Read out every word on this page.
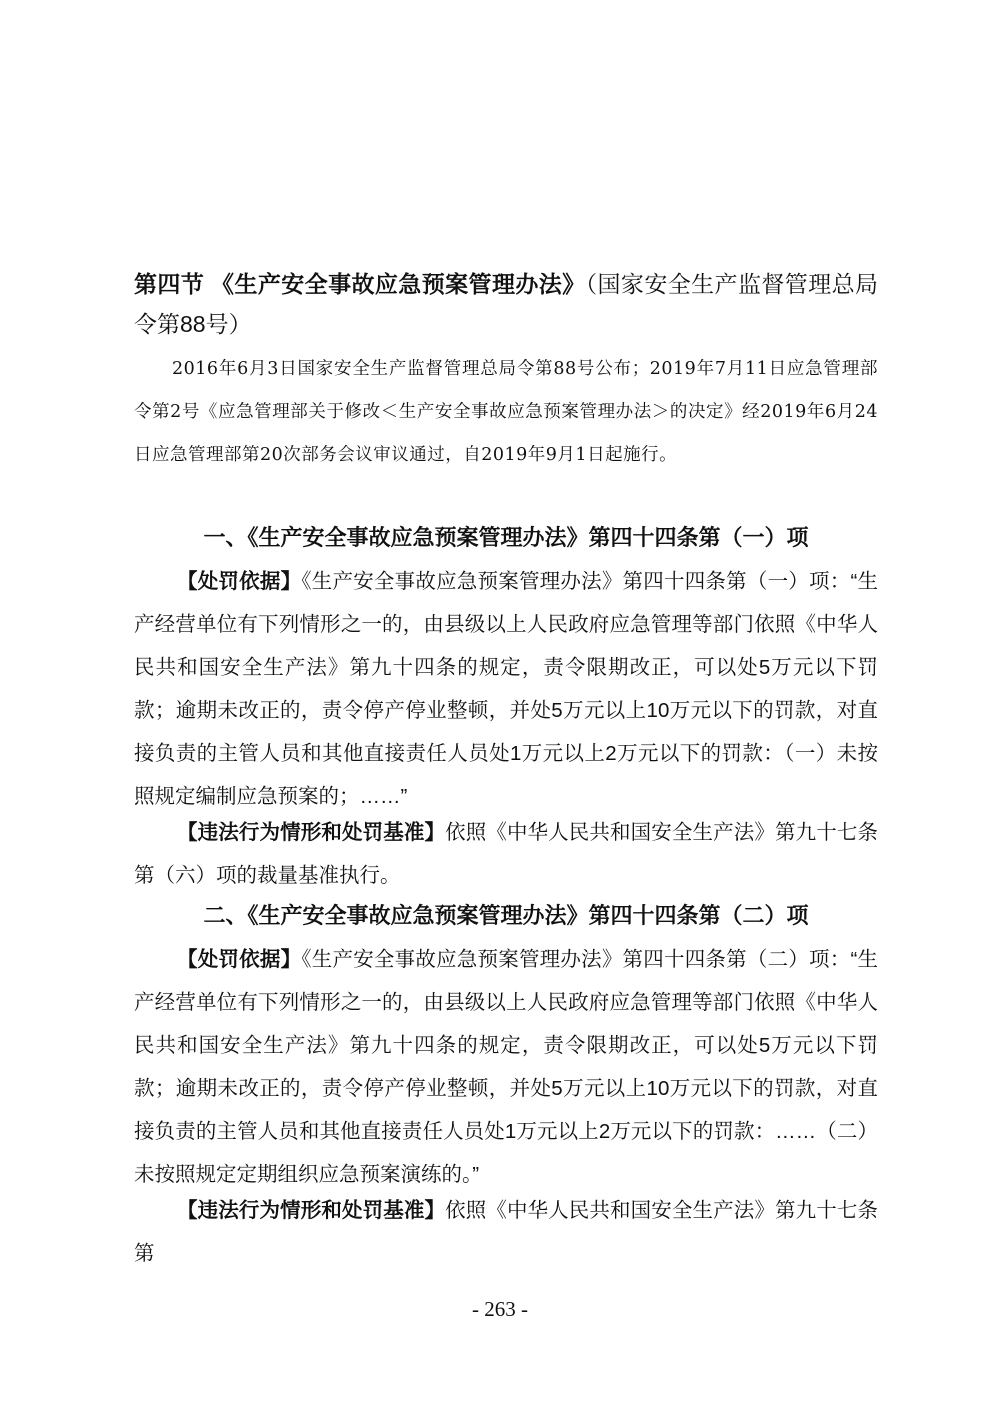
第四节 《生产安全事故应急预案管理办法》（国家安全生产监督管理总局令第88号）
2016年6月3日国家安全生产监督管理总局令第88号公布；2019年7月11日应急管理部令第2号《应急管理部关于修改＜生产安全事故应急预案管理办法＞的决定》经2019年6月24日应急管理部第20次部务会议审议通过，自2019年9月1日起施行。
一、《生产安全事故应急预案管理办法》第四十四条第（一）项
【处罚依据】《生产安全事故应急预案管理办法》第四十四条第（一）项：“生产经营单位有下列情形之一的，由县级以上人民政府应急管理等部门依照《中华人民共和国安全生产法》第九十四条的规定，责令限期改正，可以处5万元以下罚款；逾期未改正的，责令停产停业整顿，并处5万元以上10万元以下的罚款，对直接负责的主管人员和其他直接责任人员处1万元以上2万元以下的罚款：（一）未按照规定编制应急预案的；……”
【违法行为情形和处罚基准】依照《中华人民共和国安全生产法》第九十七条第（六）项的裁量基准执行。
二、《生产安全事故应急预案管理办法》第四十四条第（二）项
【处罚依据】《生产安全事故应急预案管理办法》第四十四条第（二）项：“生产经营单位有下列情形之一的，由县级以上人民政府应急管理等部门依照《中华人民共和国安全生产法》第九十四条的规定，责令限期改正，可以处5万元以下罚款；逾期未改正的，责令停产停业整顿，并处5万元以上10万元以下的罚款，对直接负责的主管人员和其他直接责任人员处1万元以上2万元以下的罚款：……（二）未按照规定定期组织应急预案演练的。”
【违法行为情形和处罚基准】依照《中华人民共和国安全生产法》第九十七条第
- 263 -
